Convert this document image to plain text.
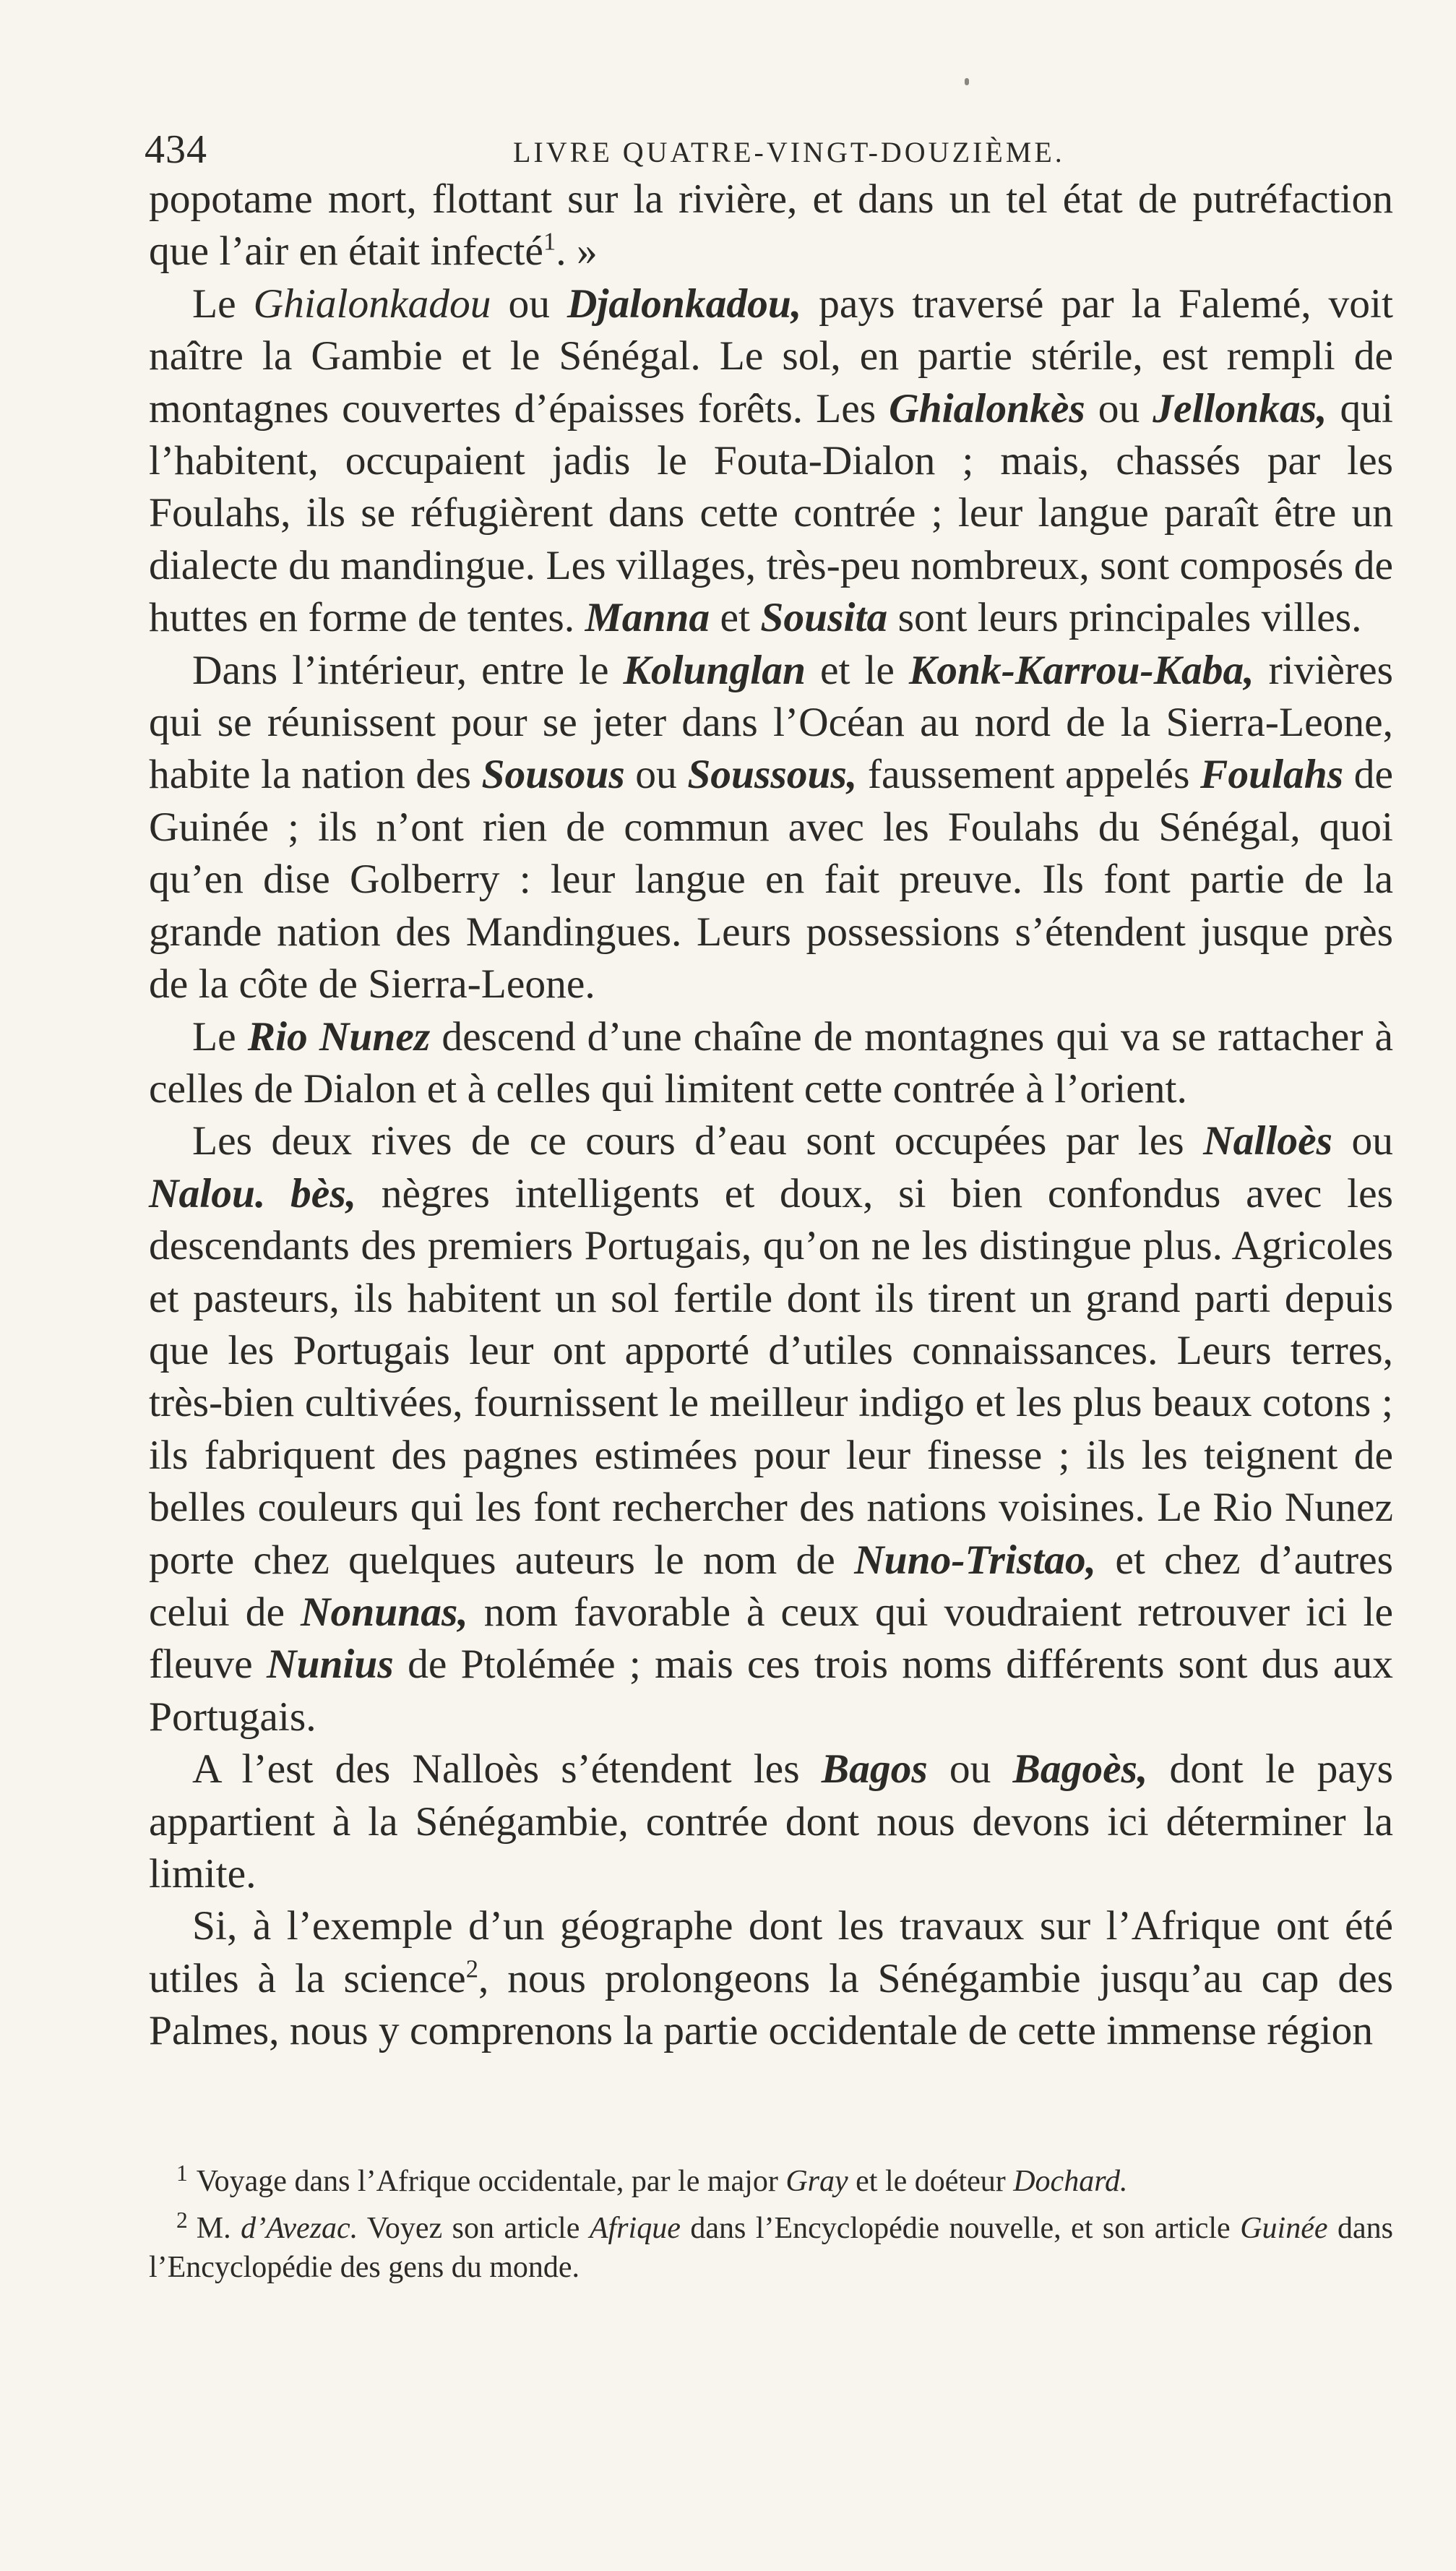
434	LIVRE QUATRE-VINGT-DOUZIÈME.

popotame mort, flottant sur la rivière, et dans un tel état de putréfaction que l’air en était infecté$^1$. »

Le Ghialonkadou ou Djalonkadou, pays traversé par la Falemé, voit naître la Gambie et le Sénégal. Le sol, en partie stérile, est rempli de montagnes couvertes d’épaisses forêts. Les Ghialonkès ou Jellonkas, qui l’habitent, occupaient jadis le Fouta-Dialon ; mais, chassés par les Foulahs, ils se réfugièrent dans cette contrée ; leur langue paraît être un dialecte du mandingue. Les villages, très-peu nombreux, sont composés de huttes en forme de tentes. Manna et Sousita sont leurs principales villes.

Dans l’intérieur, entre le Kolunglan et le Konk-Karrou-Kaba, rivières qui se réunissent pour se jeter dans l’Océan au nord de la Sierra-Leone, habite la nation des Sousous ou Soussous, faussement appelés Foulahs de Guinée ; ils n’ont rien de commun avec les Foulahs du Sénégal, quoi qu’en dise Golberry : leur langue en fait preuve. Ils font partie de la grande nation des Mandingues. Leurs possessions s’étendent jusque près de la côte de Sierra-Leone.

Le Rio Nunez descend d’une chaîne de montagnes qui va se rattacher à celles de Dialon et à celles qui limitent cette contrée à l’orient.

Les deux rives de ce cours d’eau sont occupées par les Nalloès ou Nalou. bès, nègres intelligents et doux, si bien confondus avec les descendants des premiers Portugais, qu’on ne les distingue plus. Agricoles et pasteurs, ils habitent un sol fertile dont ils tirent un grand parti depuis que les Portugais leur ont apporté d’utiles connaissances. Leurs terres, très-bien cultivées, fournissent le meilleur indigo et les plus beaux cotons ; ils fabriquent des pagnes estimées pour leur finesse ; ils les teignent de belles couleurs qui les font rechercher des nations voisines. Le Rio Nunez porte chez quelques auteurs le nom de Nuno-Tristao, et chez d’autres celui de Nonunas, nom favorable à ceux qui voudraient retrouver ici le fleuve Nunius de Ptolémée ; mais ces trois noms différents sont dus aux Portugais.

A l’est des Nalloès s’étendent les Bagos ou Bagoès, dont le pays appartient à la Sénégambie, contrée dont nous devons ici déterminer la limite.

Si, à l’exemple d’un géographe dont les travaux sur l’Afrique ont été utiles à la science$^2$, nous prolongeons la Sénégambie jusqu’au cap des Palmes, nous y comprenons la partie occidentale de cette immense région

$^1$ Voyage dans l’Afrique occidentale, par le major Gray et le doéteur Dochard.

$^2$ M. d’Avezac. Voyez son article Afrique dans l’Encyclopédie nouvelle, et son article Guinée dans l’Encyclopédie des gens du monde.
